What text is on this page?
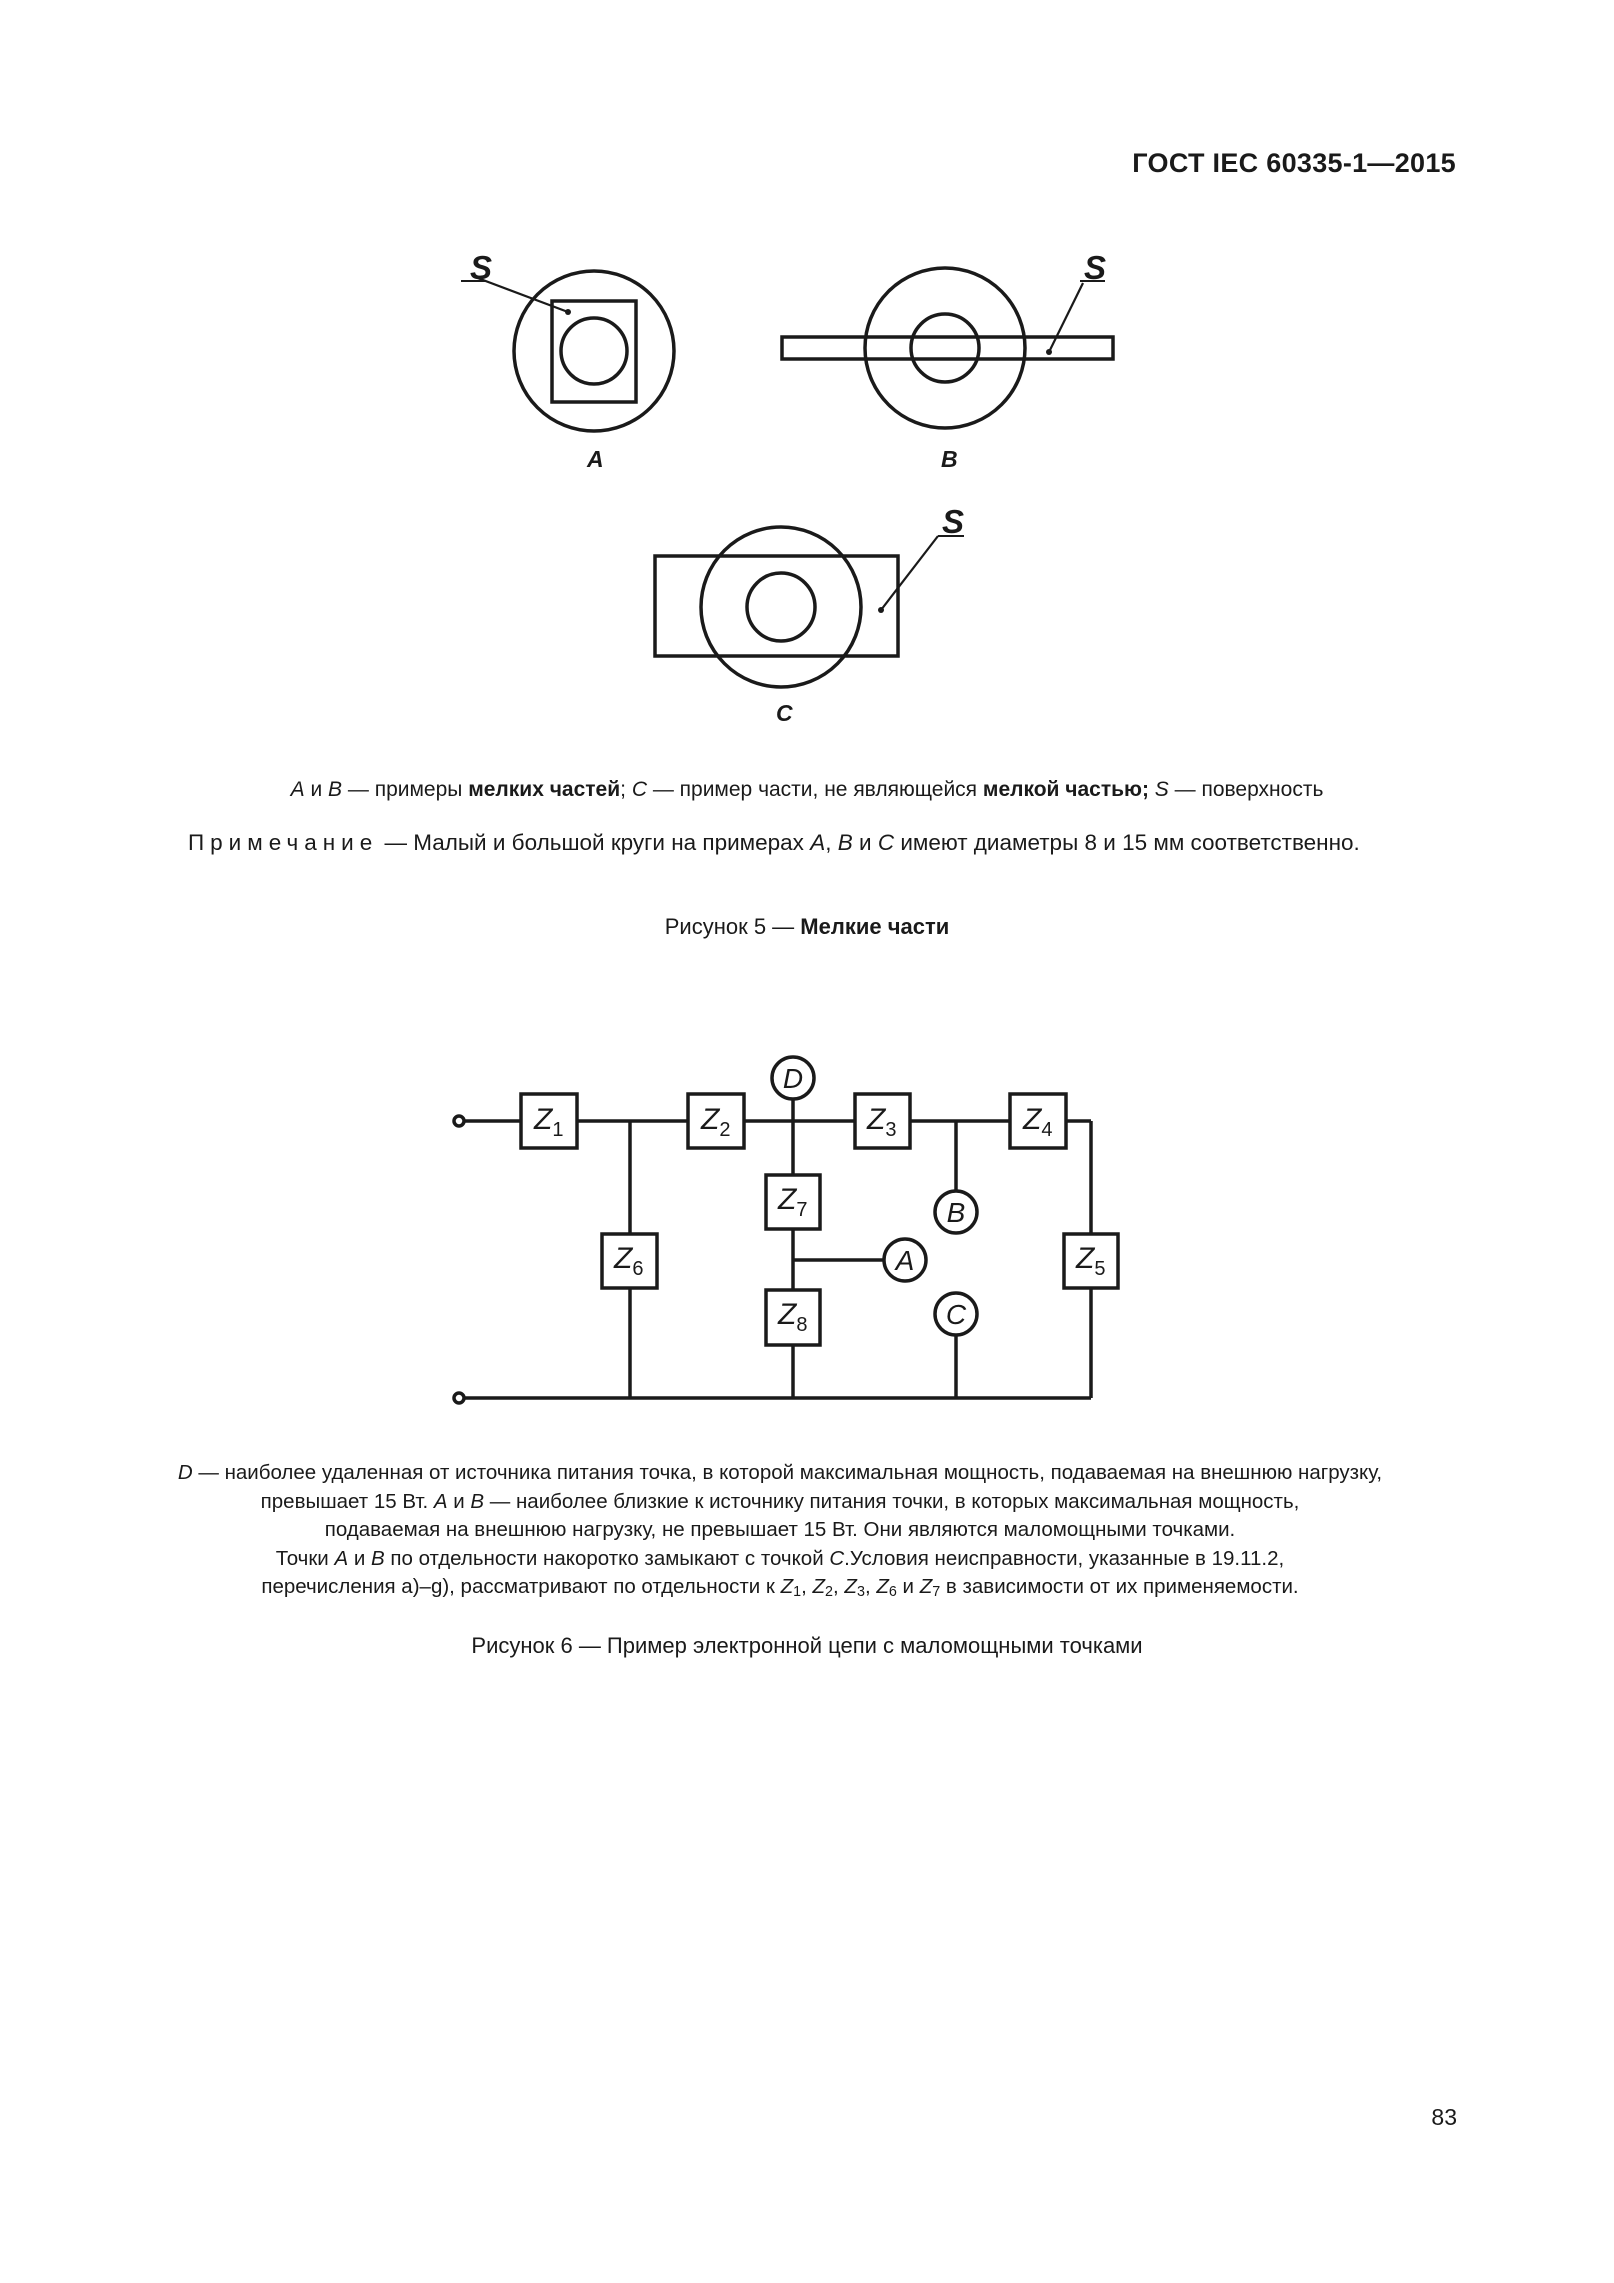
ГОСТ IEC 60335-1—2015
S	S
S
A	B
C
$Z_1$	$Z_2$	$Z_3$	$Z_4$
$Z_5$
$Z_6$
$Z_7$
$Z_8$
D
A
B
C
A и B — примеры мелких частей; C — пример части, не являющейся мелкой частью; S — поверхность
Примечание — Малый и большой круги на примерах A, B и C имеют диаметры 8 и 15 мм соответственно.
Рисунок 5 — Мелкие части
D — наиболее удаленная от источника питания точка, в которой максимальная мощность, подаваемая на внешнюю нагрузку,
превышает 15 Вт. A и B — наиболее близкие к источнику питания точки, в которых максимальная мощность,
подаваемая на внешнюю нагрузку, не превышает 15 Вт. Они являются маломощными точками.
Точки A и B по отдельности накоротко замыкают с точкой C.Условия неисправности, указанные в 19.11.2,
перечисления a)–g), рассматривают по отдельности к $Z_1$, $Z_2$, $Z_3$, $Z_6$ и $Z_7$ в зависимости от их применяемости.
Рисунок 6 — Пример электронной цепи с маломощными точками
83
